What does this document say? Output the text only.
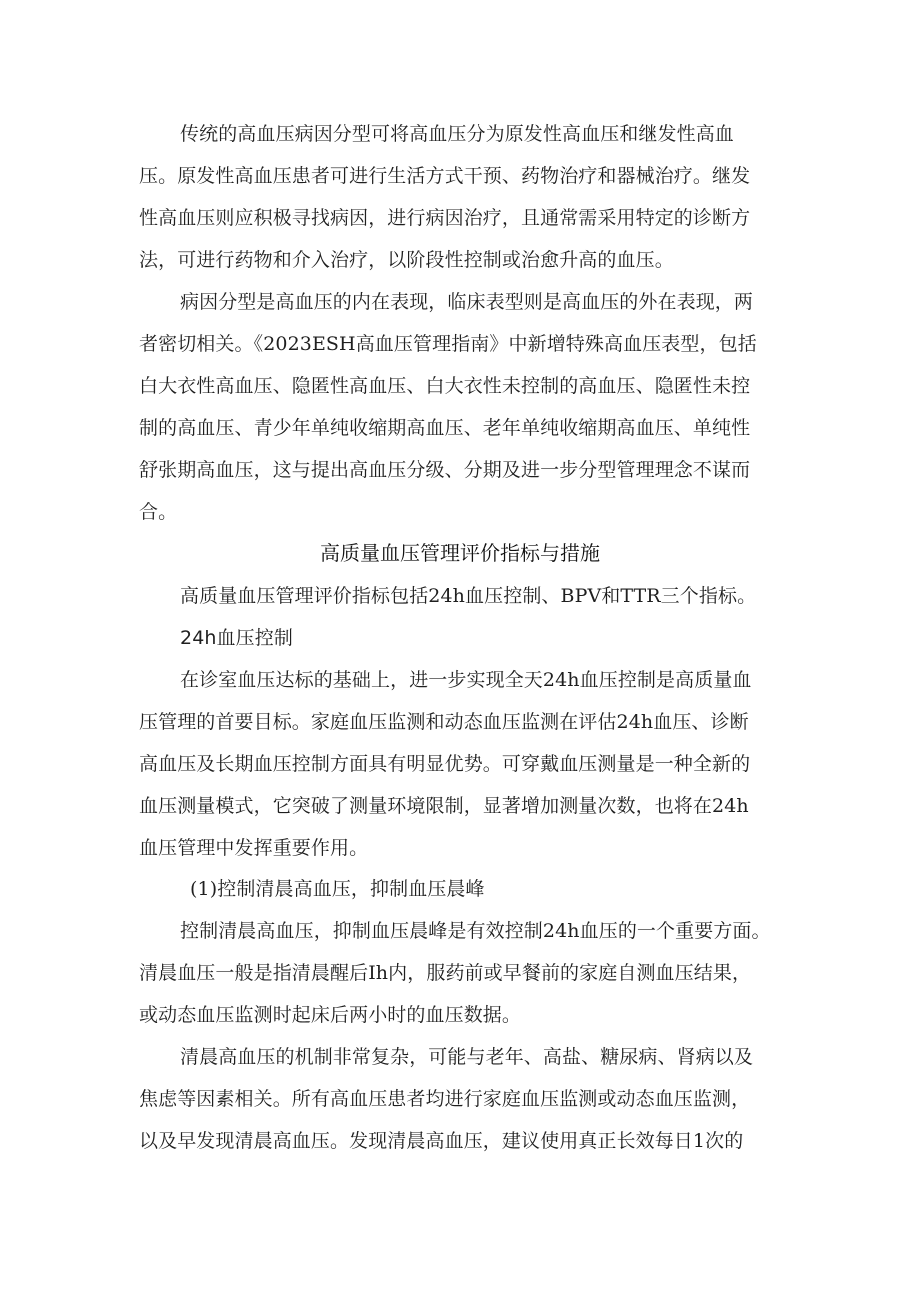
传统的高血压病因分型可将高血压分为原发性高血压和继发性高血
压。原发性高血压患者可进行生活方式干预、药物治疗和器械治疗。继发
性高血压则应积极寻找病因，进行病因治疗，且通常需采用特定的诊断方
法，可进行药物和介入治疗，以阶段性控制或治愈升高的血压。
病因分型是高血压的内在表现，临床表型则是高血压的外在表现，两
者密切相关。《2023ESH高血压管理指南》中新增特殊高血压表型，包括
白大衣性高血压、隐匿性高血压、白大衣性未控制的高血压、隐匿性未控
制的高血压、青少年单纯收缩期高血压、老年单纯收缩期高血压、单纯性
舒张期高血压，这与提出高血压分级、分期及进一步分型管理理念不谋而
合。
高质量血压管理评价指标与措施
高质量血压管理评价指标包括24h血压控制、BPV和TTR三个指标。
24h血压控制
在诊室血压达标的基础上，进一步实现全天24h血压控制是高质量血
压管理的首要目标。家庭血压监测和动态血压监测在评估24h血压、诊断
高血压及长期血压控制方面具有明显优势。可穿戴血压测量是一种全新的
血压测量模式，它突破了测量环境限制，显著增加测量次数，也将在24h
血压管理中发挥重要作用。
(1)控制清晨高血压，抑制血压晨峰
控制清晨高血压，抑制血压晨峰是有效控制24h血压的一个重要方面。
清晨血压一般是指清晨醒后Ih内，服药前或早餐前的家庭自测血压结果，
或动态血压监测时起床后两小时的血压数据。
清晨高血压的机制非常复杂，可能与老年、高盐、糖尿病、肾病以及
焦虑等因素相关。所有高血压患者均进行家庭血压监测或动态血压监测，
以及早发现清晨高血压。发现清晨高血压，建议使用真正长效每日1次的
